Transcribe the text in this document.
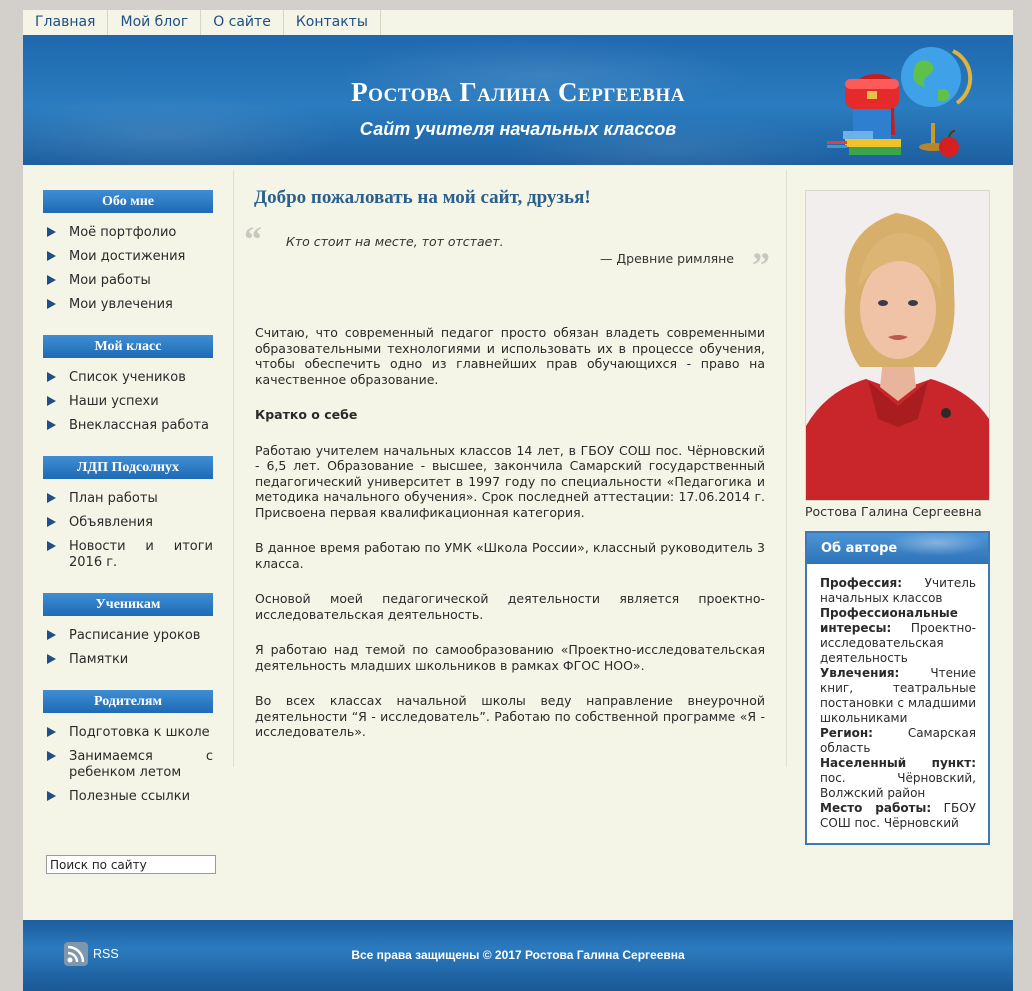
Главная	Мой блог	О сайте	Контакты
Ростова Галина Сергеевна
Сайт учителя начальных классов
Обо мне
Моё портфолио
Мои достижения
Мои работы
Мои увлечения
Мой класс
Список учеников
Наши успехи
Внеклассная работа
ЛДП Подсолнух
План работы
Объявления
Новости и итоги 2016 г.
Ученикам
Расписание уроков
Памятки
Родителям
Подготовка к школе
Занимаемся с ребенком летом
Полезные ссылки
Поиск по сайту
Добро пожаловать на мой сайт, друзья!
“
”
Кто стоит на месте, тот отстает.
— Древние римляне

Считаю, что современный педагог просто обязан владеть современными образовательными технологиями и использовать их в процессе обучения, чтобы обеспечить одно из главнейших прав обучающихся - право на качественное образование.

Кратко о себе

Работаю учителем начальных классов 14 лет, в ГБОУ СОШ пос. Чёрновский - 6,5 лет. Образование - высшее, закончила Самарский государственный педагогический университет в 1997 году по специальности «Педагогика и методика начального обучения». Срок последней аттестации: 17.06.2014 г. Присвоена первая квалификационная категория.

В данное время работаю по УМК «Школа России», классный руководитель 3 класса.

Основой моей педагогической деятельности является проектно-исследовательская деятельность.

Я работаю над темой по самообразованию «Проектно-исследовательская деятельность младших школьников в рамках ФГОС НОО».

Во всех классах начальной школы веду направление внеурочной деятельности “Я - исследователь”. Работаю по собственной программе «Я - исследователь».

Ростова Галина Сергеевна
Об авторе
Профессия: Учитель начальных классов
Профессиональные интересы: Проектно-исследовательская деятельность
Увлечения:	Чтение книг, театральные постановки с младшими школьниками
Регион:	Самарская область
Населенный пункт: пос. Чёрновский, Волжский район
Место работы: ГБОУ СОШ пос. Чёрновский
RSS	Все права защищены © 2017 Ростова Галина Сергеевна
